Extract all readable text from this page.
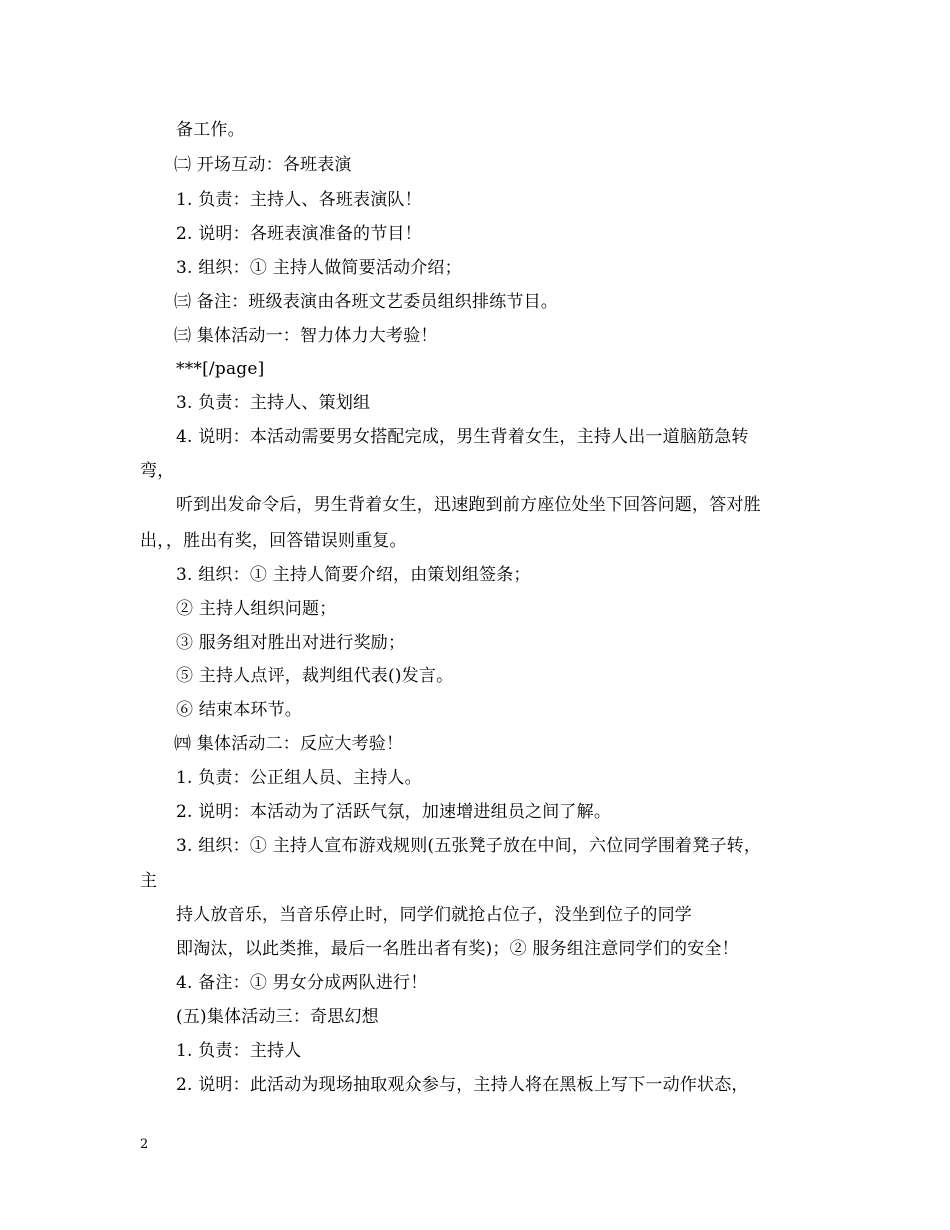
备工作。
㈡ 开场互动：各班表演
1. 负责：主持人、各班表演队！
2. 说明：各班表演准备的节目！
3. 组织：① 主持人做简要活动介绍；
㈢ 备注：班级表演由各班文艺委员组织排练节目。
㈢ 集体活动一：智力体力大考验！
***[/page]
3. 负责：主持人、策划组
4. 说明：本活动需要男女搭配完成，男生背着女生，主持人出一道脑筋急转
弯，
听到出发命令后，男生背着女生，迅速跑到前方座位处坐下回答问题，答对胜
出，，胜出有奖，回答错误则重复。
3. 组织：① 主持人简要介绍，由策划组签条；
② 主持人组织问题；
③ 服务组对胜出对进行奖励；
⑤ 主持人点评，裁判组代表()发言。
⑥ 结束本环节。
㈣ 集体活动二：反应大考验！
1. 负责：公正组人员、主持人。
2. 说明：本活动为了活跃气氛，加速增进组员之间了解。
3. 组织：① 主持人宣布游戏规则(五张凳子放在中间，六位同学围着凳子转，
主
持人放音乐，当音乐停止时，同学们就抢占位子，没坐到位子的同学
即淘汰，以此类推，最后一名胜出者有奖)；② 服务组注意同学们的安全！
4. 备注：① 男女分成两队进行！
(五)集体活动三：奇思幻想
1. 负责：主持人
2. 说明：此活动为现场抽取观众参与，主持人将在黑板上写下一动作状态，
2
